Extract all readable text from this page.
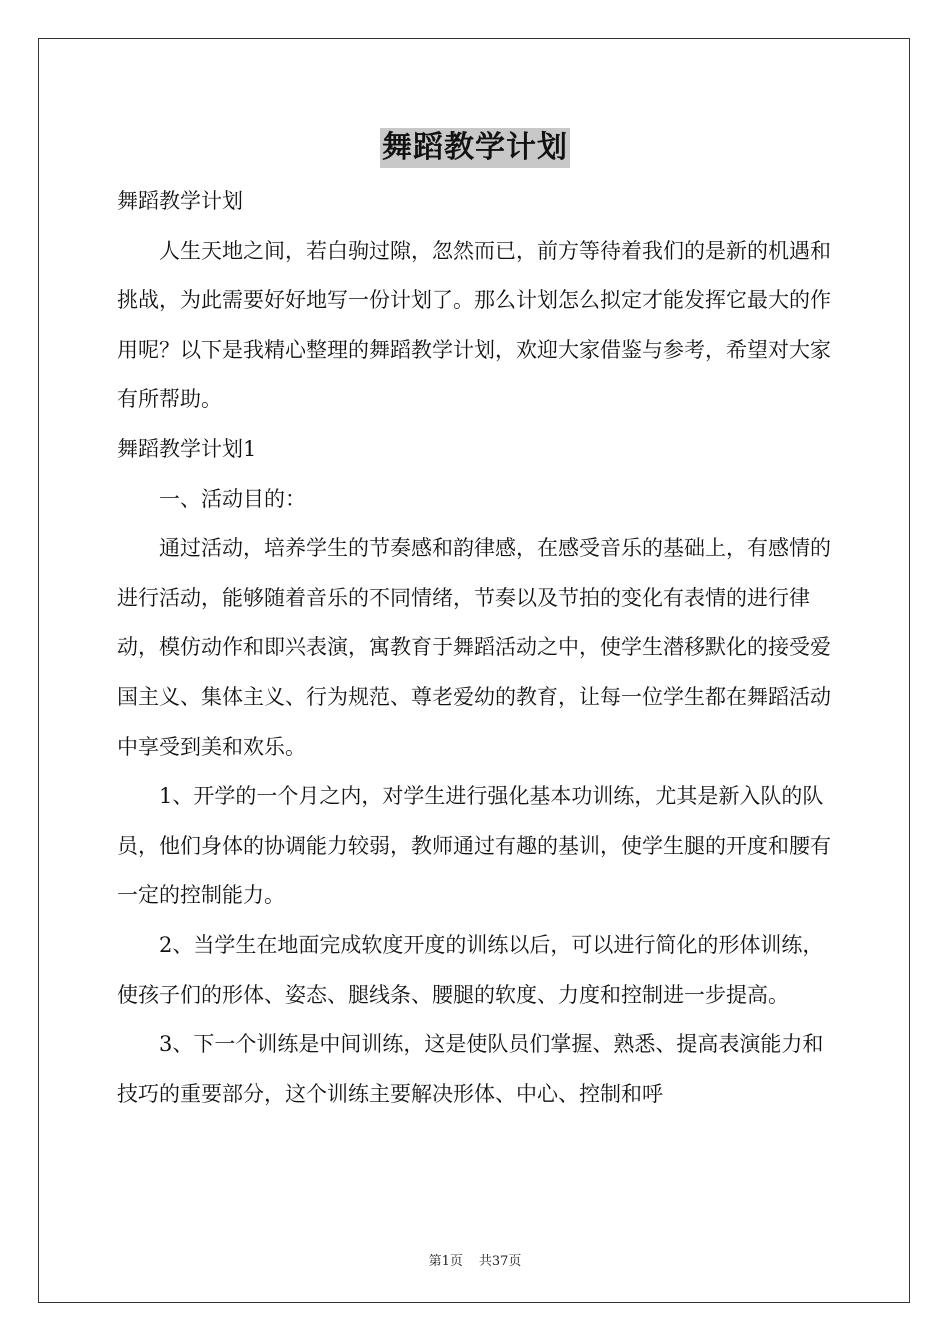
舞蹈教学计划

舞蹈教学计划

人生天地之间，若白驹过隙，忽然而已，前方等待着我们的是新的机遇和挑战，为此需要好好地写一份计划了。那么计划怎么拟定才能发挥它最大的作用呢？以下是我精心整理的舞蹈教学计划，欢迎大家借鉴与参考，希望对大家有所帮助。

舞蹈教学计划1

一、活动目的：

通过活动，培养学生的节奏感和韵律感，在感受音乐的基础上，有感情的进行活动，能够随着音乐的不同情绪，节奏以及节拍的变化有表情的进行律动，模仿动作和即兴表演，寓教育于舞蹈活动之中，使学生潜移默化的接受爱国主义、集体主义、行为规范、尊老爱幼的教育，让每一位学生都在舞蹈活动中享受到美和欢乐。

1、开学的一个月之内，对学生进行强化基本功训练，尤其是新入队的队员，他们身体的协调能力较弱，教师通过有趣的基训，使学生腿的开度和腰有一定的控制能力。

2、当学生在地面完成软度开度的训练以后，可以进行简化的形体训练，使孩子们的形体、姿态、腿线条、腰腿的软度、力度和控制进一步提高。

3、下一个训练是中间训练，这是使队员们掌握、熟悉、提高表演能力和技巧的重要部分，这个训练主要解决形体、中心、控制和呼

第1页 共37页
